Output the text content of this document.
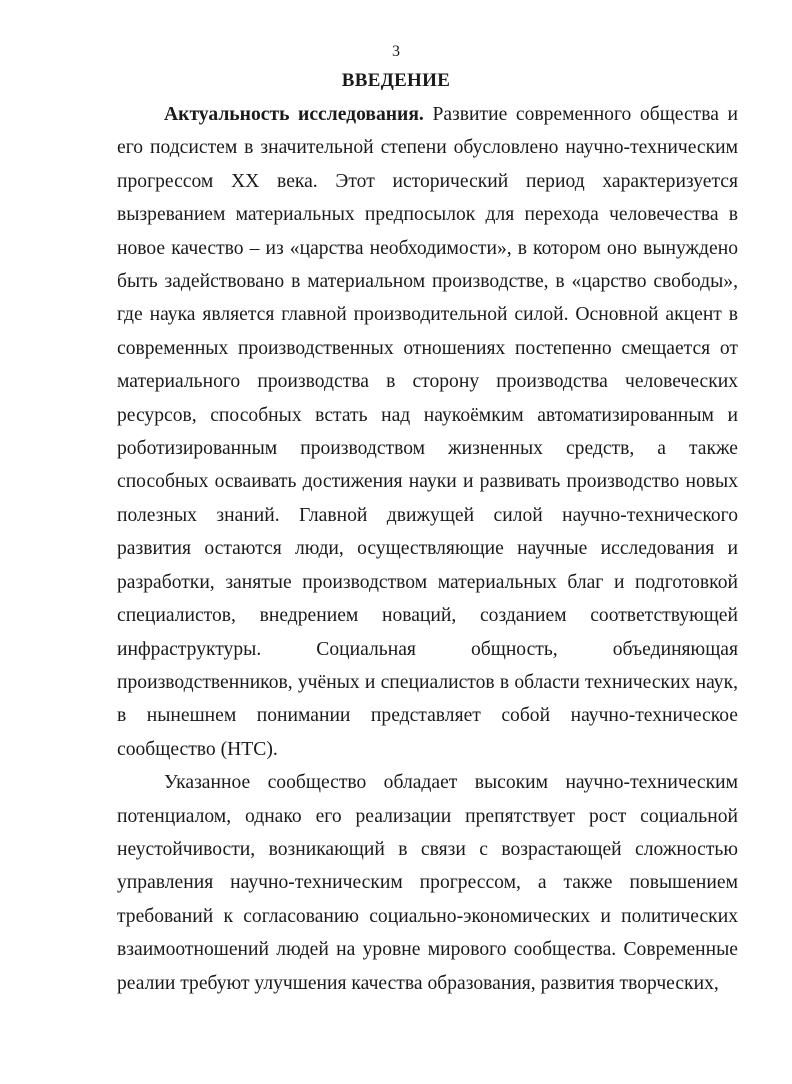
3
ВВЕДЕНИЕ

Актуальность исследования. Развитие современного общества и его подсистем в значительной степени обусловлено научно-техническим прогрессом XX века. Этот исторический период характеризуется вызреванием материальных предпосылок для перехода человечества в новое качество – из «царства необходимости», в котором оно вынуждено быть задействовано в материальном производстве, в «царство свободы», где наука является главной производительной силой. Основной акцент в современных производственных отношениях постепенно смещается от материального производства в сторону производства человеческих ресурсов, способных встать над наукоёмким автоматизированным и роботизированным производством жизненных средств, а также способных осваивать достижения науки и развивать производство новых полезных знаний. Главной движущей силой научно-технического развития остаются люди, осуществляющие научные исследования и разработки, занятые производством материальных благ и подготовкой специалистов, внедрением новаций, созданием соответствующей инфраструктуры. Социальная общность, объединяющая производственников, учёных и специалистов в области технических наук, в нынешнем понимании представляет собой научно-техническое сообщество (НТС).

Указанное сообщество обладает высоким научно-техническим потенциалом, однако его реализации препятствует рост социальной неустойчивости, возникающий в связи с возрастающей сложностью управления научно-техническим прогрессом, а также повышением требований к согласованию социально-экономических и политических взаимоотношений людей на уровне мирового сообщества. Современные реалии требуют улучшения качества образования, развития творческих,
